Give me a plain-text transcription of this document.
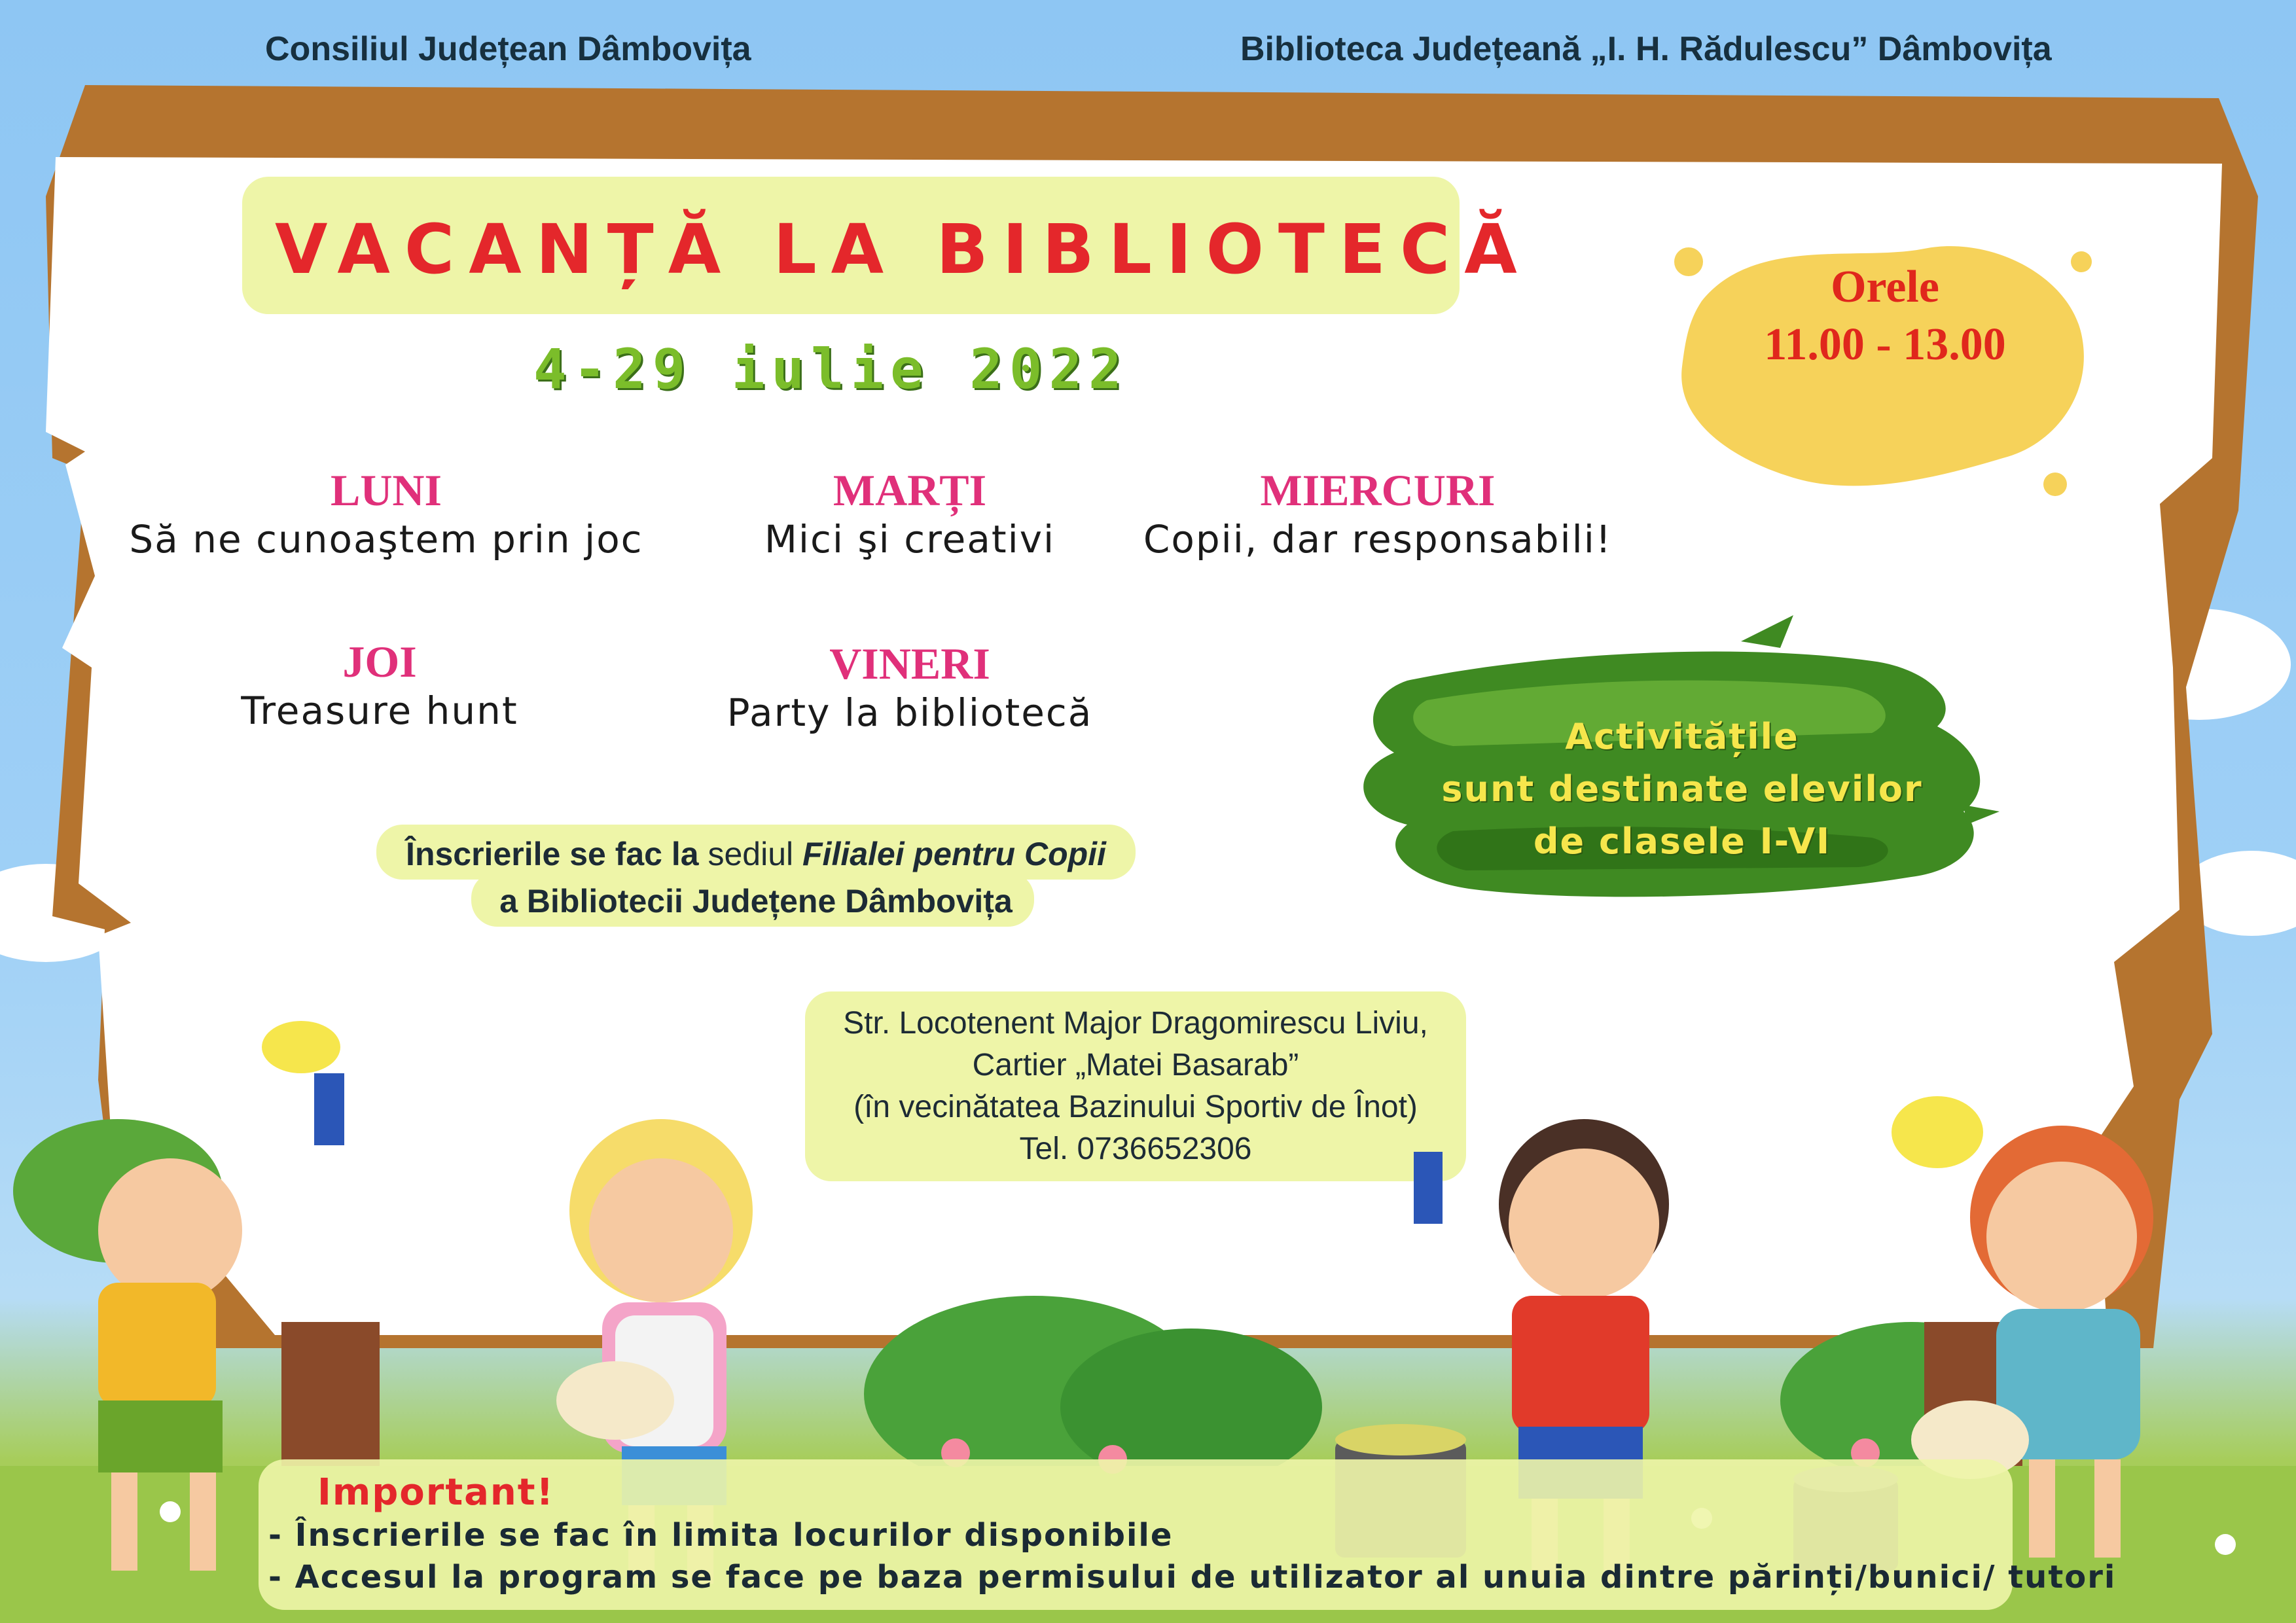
Consiliul Județean Dâmbovița	Biblioteca Județeană „I. H. Rădulescu” Dâmbovița
VACANȚĂ LA BIBLIOTECĂ
4-29 iulie 2022
Orele
11.00 - 13.00
LUNI
Să ne cunoaştem prin joc
MARȚI
Mici şi creativi
MIERCURI
Copii, dar responsabili!
JOI
Treasure hunt
VINERI
Party la bibliotecă
Activitățile
sunt destinate elevilor
de clasele I-VI
Înscrierile se fac la sediul Filialei pentru Copii
a Bibliotecii Județene Dâmbovița
Str. Locotenent Major Dragomirescu Liviu,
Cartier „Matei Basarab”
(în vecinătatea Bazinului Sportiv de Înot)
Tel. 0736652306
Important!
- Înscrierile se fac în limita locurilor disponibile
- Accesul la program se face pe baza permisului de utilizator al unuia dintre părinți/bunici/ tutori
